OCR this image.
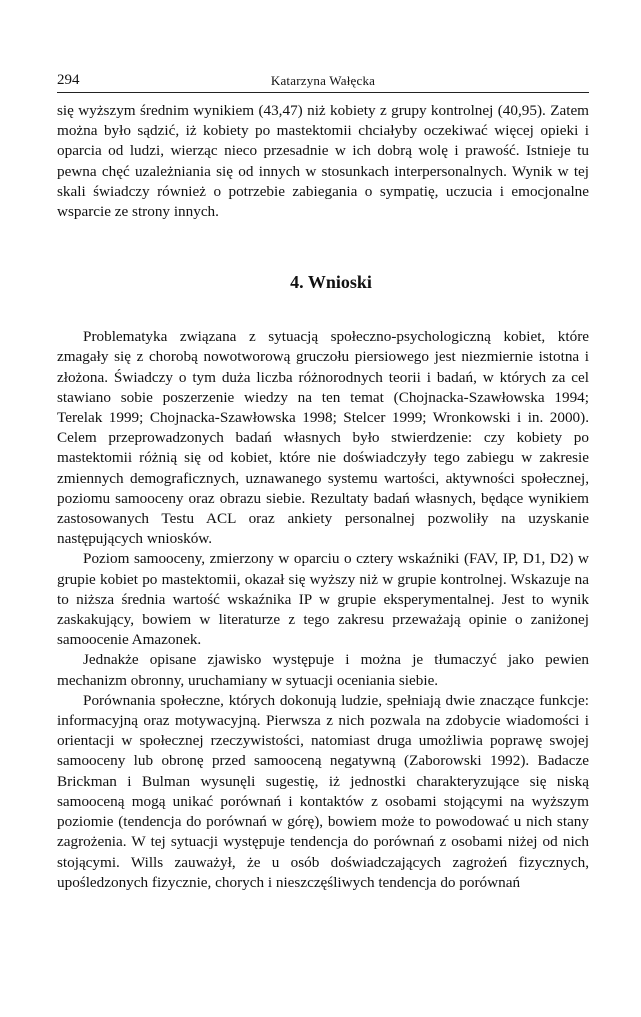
294	Katarzyna Wałęcka

się wyższym średnim wynikiem (43,47) niż kobiety z grupy kontrolnej (40,95). Zatem można było sądzić, iż kobiety po mastektomii chciałyby oczekiwać więcej opieki i oparcia od ludzi, wierząc nieco przesadnie w ich dobrą wolę i prawość. Istnieje tu pewna chęć uzależniania się od innych w stosunkach interpersonalnych. Wynik w tej skali świadczy również o potrzebie zabiegania o sympatię, uczucia i emocjonalne wsparcie ze strony innych.

4. Wnioski

Problematyka związana z sytuacją społeczno-psychologiczną kobiet, które zmagały się z chorobą nowotworową gruczołu piersiowego jest niezmiernie istotna i złożona. Świadczy o tym duża liczba różnorodnych teorii i badań, w których za cel stawiano sobie poszerzenie wiedzy na ten temat (Chojnacka-Szawłowska 1994; Terelak 1999; Chojnacka-Szawłowska 1998; Stelcer 1999; Wronkowski i in. 2000). Celem przeprowadzonych badań własnych było stwierdzenie: czy kobiety po mastektomii różnią się od kobiet, które nie doświadczyły tego zabiegu w zakresie zmiennych demograficznych, uznawanego systemu wartości, aktywności społecznej, poziomu samooceny oraz obrazu siebie. Rezultaty badań własnych, będące wynikiem zastosowanych Testu ACL oraz ankiety personalnej pozwoliły na uzyskanie następujących wniosków.

Poziom samooceny, zmierzony w oparciu o cztery wskaźniki (FAV, IP, D1, D2) w grupie kobiet po mastektomii, okazał się wyższy niż w grupie kontrolnej. Wskazuje na to niższa średnia wartość wskaźnika IP w grupie eksperymentalnej. Jest to wynik zaskakujący, bowiem w literaturze z tego zakresu przeważają opinie o zaniżonej samoocenie Amazonek.

Jednakże opisane zjawisko występuje i można je tłumaczyć jako pewien mechanizm obronny, uruchamiany w sytuacji oceniania siebie.

Porównania społeczne, których dokonują ludzie, spełniają dwie znaczące funkcje: informacyjną oraz motywacyjną. Pierwsza z nich pozwala na zdobycie wiadomości i orientacji w społecznej rzeczywistości, natomiast druga umożliwia poprawę swojej samooceny lub obronę przed samooceną negatywną (Zaborowski 1992). Badacze Brickman i Bulman wysunęli sugestię, iż jednostki charakteryzujące się niską samooceną mogą unikać porównań i kontaktów z osobami stojącymi na wyższym poziomie (tendencja do porównań w górę), bowiem może to powodować u nich stany zagrożenia. W tej sytuacji występuje tendencja do porównań z osobami niżej od nich stojącymi. Wills zauważył, że u osób doświadczających zagrożeń fizycznych, upośledzonych fizycznie, chorych i nieszczęśliwych tendencja do porównań
